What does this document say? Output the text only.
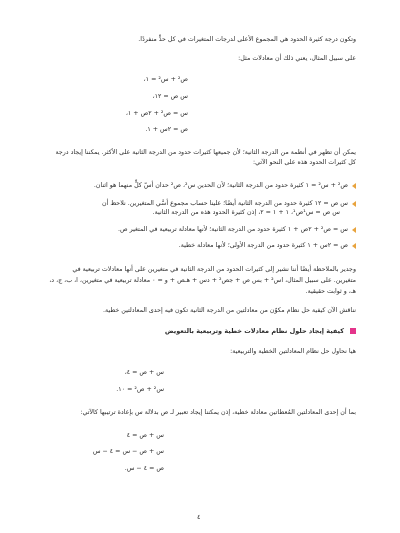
وتكون درجة كثيرة الحدود هي المجموع الأعلى لدرجات المتغيرات في كل حدٍّ منفردًا.
على سبيل المثال، يعني ذلك أن معادلات مثل:
ص² + س² = ١،
س ص = ١٢،
س = ص² + ٢ص + ١،
ص = ٢س + ١.
يمكن أن تظهر في أنظمة من الدرجة الثانية؛ لأن جميعها كثيرات حدود من الدرجة الثانية على الأكثر. يمكننا إيجاد درجة
كل كثيرات الحدود هذه على النحو الآتي:
ص² + س² = ١ كثيرة حدود من الدرجة الثانية؛ لأن الحدين س²، ص² حدان أسّ كلٍّ منهما هو اثنان.
س ص = ١٢ كثيرة حدود من الدرجة الثانية أيضًا؛ علينا حساب مجموع أسَّي المتغيرين. نلاحظ أن
س ص = س¹ص¹، ١ + ١ = ٢، إذن كثيرة الحدود هذه من الدرجة الثانية.
س = ص² + ٢ص + ١ كثيرة حدود من الدرجة الثانية؛ لأنها معادلة تربيعية في المتغير ص.
ص = ٢س + ١ كثيرة حدود من الدرجة الأولى؛ لأنها معادلة خطية.
وجدير بالملاحظة أيضًا أننا نشير إلى كثيرات الحدود من الدرجة الثانية في متغيرين على أنها معادلات تربيعية في
متغيرين. على سبيل المثال، اس² + بس ص + جص² + دس + هـص + و = ٠ معادلة تربيعية في متغيرين، ا، ب، ج، د،
هـ، و ثوابت حقيقية.
نناقش الآن كيفية حل نظام مكوّن من معادلتين من الدرجة الثانية تكون فيه إحدى المعادلتين خطية.
كيفية إيجاد حلول نظام معادلات خطية وتربيعية بالتعويض
هيا نحاول حل نظام المعادلتين الخطية والتربيعية:
س + ص = ٤،
س² + ص² = ١٠.
بما أن إحدى المعادلتين المُعطاتين معادلة خطية، إذن يمكننا إيجاد تعبير لـ ص بدلالة س بإعادة ترتيبها كالآتي:
س + ص = ٤
س + ص − س = ٤ − س
ص = ٤ − س.
٤
